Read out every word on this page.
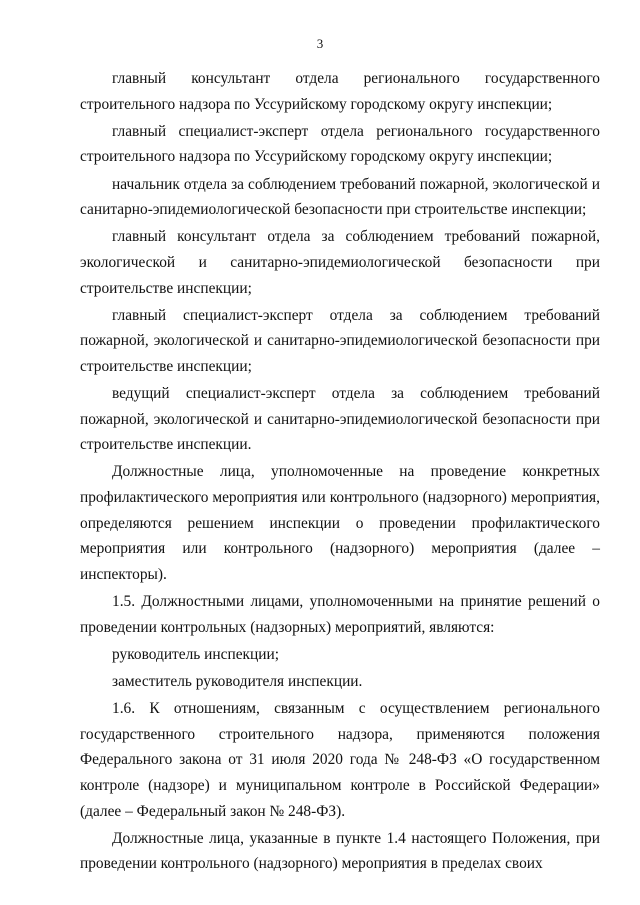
3

главный консультант отдела регионального государственного строительного надзора по Уссурийскому городскому округу инспекции;

главный специалист-эксперт отдела регионального государственного строительного надзора по Уссурийскому городскому округу инспекции;

начальник отдела за соблюдением требований пожарной, экологической и санитарно-эпидемиологической безопасности при строительстве инспекции;

главный консультант отдела за соблюдением требований пожарной, экологической и санитарно-эпидемиологической безопасности при строительстве инспекции;

главный специалист-эксперт отдела за соблюдением требований пожарной, экологической и санитарно-эпидемиологической безопасности при строительстве инспекции;

ведущий специалист-эксперт отдела за соблюдением требований пожарной, экологической и санитарно-эпидемиологической безопасности при строительстве инспекции.

Должностные лица, уполномоченные на проведение конкретных профилактического мероприятия или контрольного (надзорного) мероприятия, определяются решением инспекции о проведении профилактического мероприятия или контрольного (надзорного) мероприятия (далее – инспекторы).

1.5. Должностными лицами, уполномоченными на принятие решений о проведении контрольных (надзорных) мероприятий, являются:

руководитель инспекции;

заместитель руководителя инспекции.

1.6. К отношениям, связанным с осуществлением регионального государственного строительного надзора, применяются положения Федерального закона от 31 июля 2020 года № 248-ФЗ «О государственном контроле (надзоре) и муниципальном контроле в Российской Федерации» (далее – Федеральный закон № 248-ФЗ).

Должностные лица, указанные в пункте 1.4 настоящего Положения, при проведении контрольного (надзорного) мероприятия в пределах своих
